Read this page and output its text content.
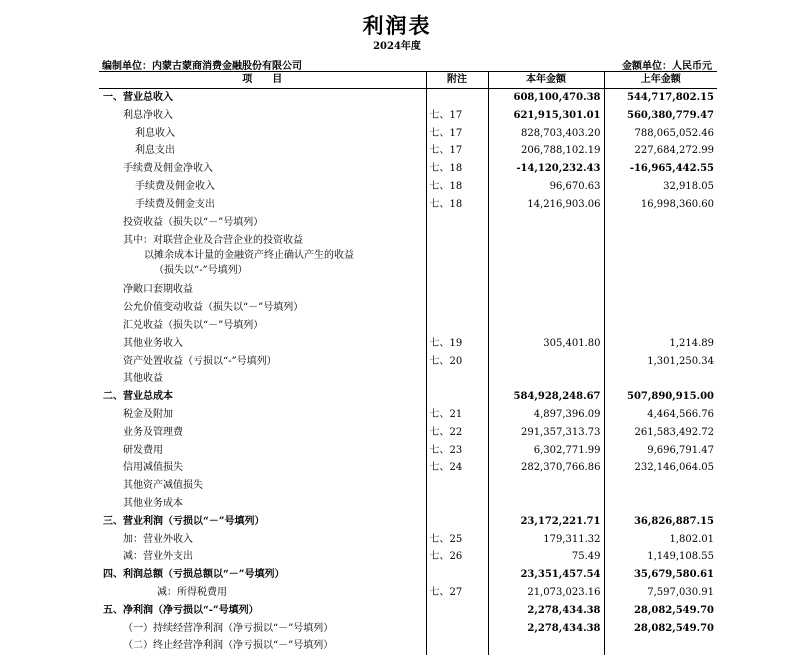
利润表
2024年度
编制单位：内蒙古蒙商消费金融股份有限公司	金额单位：人民币元
项　　目	附注	本年金额	上年金额
一、营业总收入		608,100,470.38	544,717,802.15
利息净收入	七、17	621,915,301.01	560,380,779.47
利息收入	七、17	828,703,403.20	788,065,052.46
利息支出	七、17	206,788,102.19	227,684,272.99
手续费及佣金净收入	七、18	-14,120,232.43	-16,965,442.55
手续费及佣金收入	七、18	96,670.63	32,918.05
手续费及佣金支出	七、18	14,216,903.06	16,998,360.60
投资收益（损失以“－”号填列）			

其中：对联营企业及合营企业的投资收益
以摊余成本计量的金融资产终止确认产生的收益
（损失以“-”号填列）			

净敞口套期收益			
公允价值变动收益（损失以“－”号填列）			
汇兑收益（损失以“－”号填列）			
其他业务收入	七、19	305,401.80	1,214.89
资产处置收益（亏损以“-”号填列）	七、20		1,301,250.34
其他收益			
二、营业总成本		584,928,248.67	507,890,915.00
税金及附加	七、21	4,897,396.09	4,464,566.76
业务及管理费	七、22	291,357,313.73	261,583,492.72
研发费用	七、23	6,302,771.99	9,696,791.47
信用减值损失	七、24	282,370,766.86	232,146,064.05
其他资产减值损失			
其他业务成本			
三、营业利润（亏损以“－”号填列）		23,172,221.71	36,826,887.15
加：营业外收入	七、25	179,311.32	1,802.01
减：营业外支出	七、26	75.49	1,149,108.55
四、利润总额（亏损总额以“－”号填列）		23,351,457.54	35,679,580.61
减：所得税费用	七、27	21,073,023.16	7,597,030.91
五、净利润（净亏损以“-”号填列）		2,278,434.38	28,082,549.70
（一）持续经营净利润（净亏损以“－”号填列）		2,278,434.38	28,082,549.70
（二）终止经营净利润（净亏损以“－”号填列）			
